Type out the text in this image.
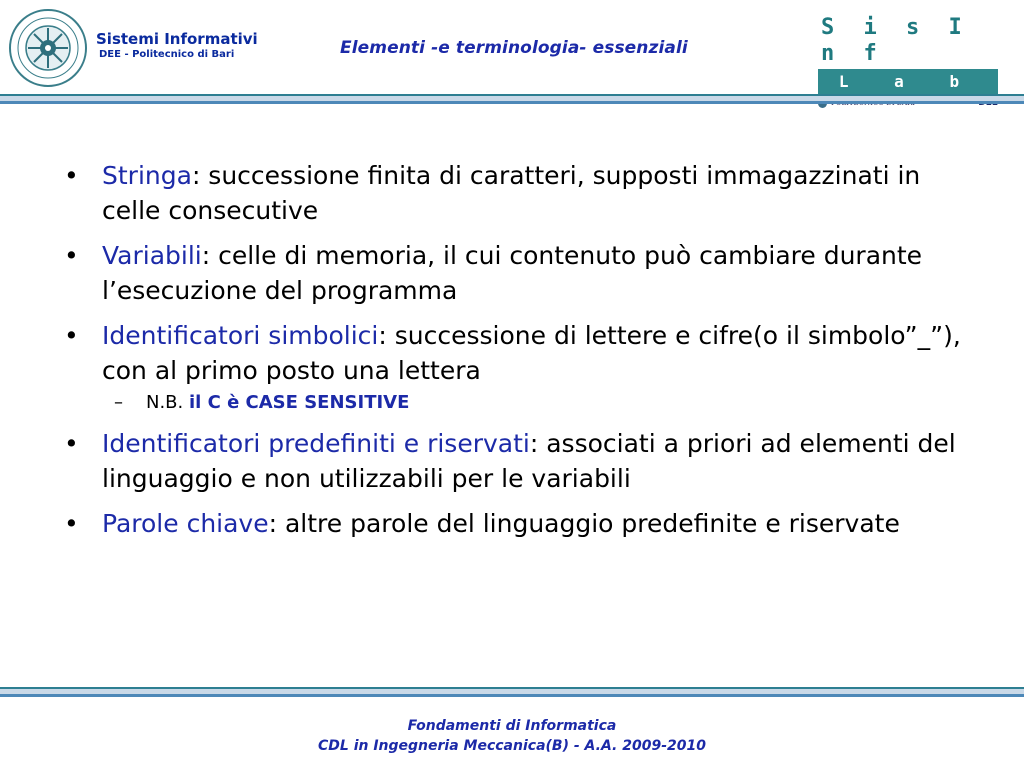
Sistemi Informativi
DEE - Politecnico di Bari	Elementi -e terminologia- essenziali
S i s I n f
L a b
• Stringa: successione finita di caratteri, supposti immagazzinati in celle consecutive
• Variabili: celle di memoria, il cui contenuto può cambiare durante l’esecuzione del programma
• Identificatori simbolici: successione di lettere e cifre(o il simbolo”_”), con al primo posto una lettera
– N.B. il C è CASE SENSITIVE
• Identificatori predefiniti e riservati: associati a priori ad elementi del linguaggio e non utilizzabili per le variabili
• Parole chiave: altre parole del linguaggio predefinite e riservate
Fondamenti di Informatica
CDL in Ingegneria Meccanica(B) - A.A. 2009-2010
